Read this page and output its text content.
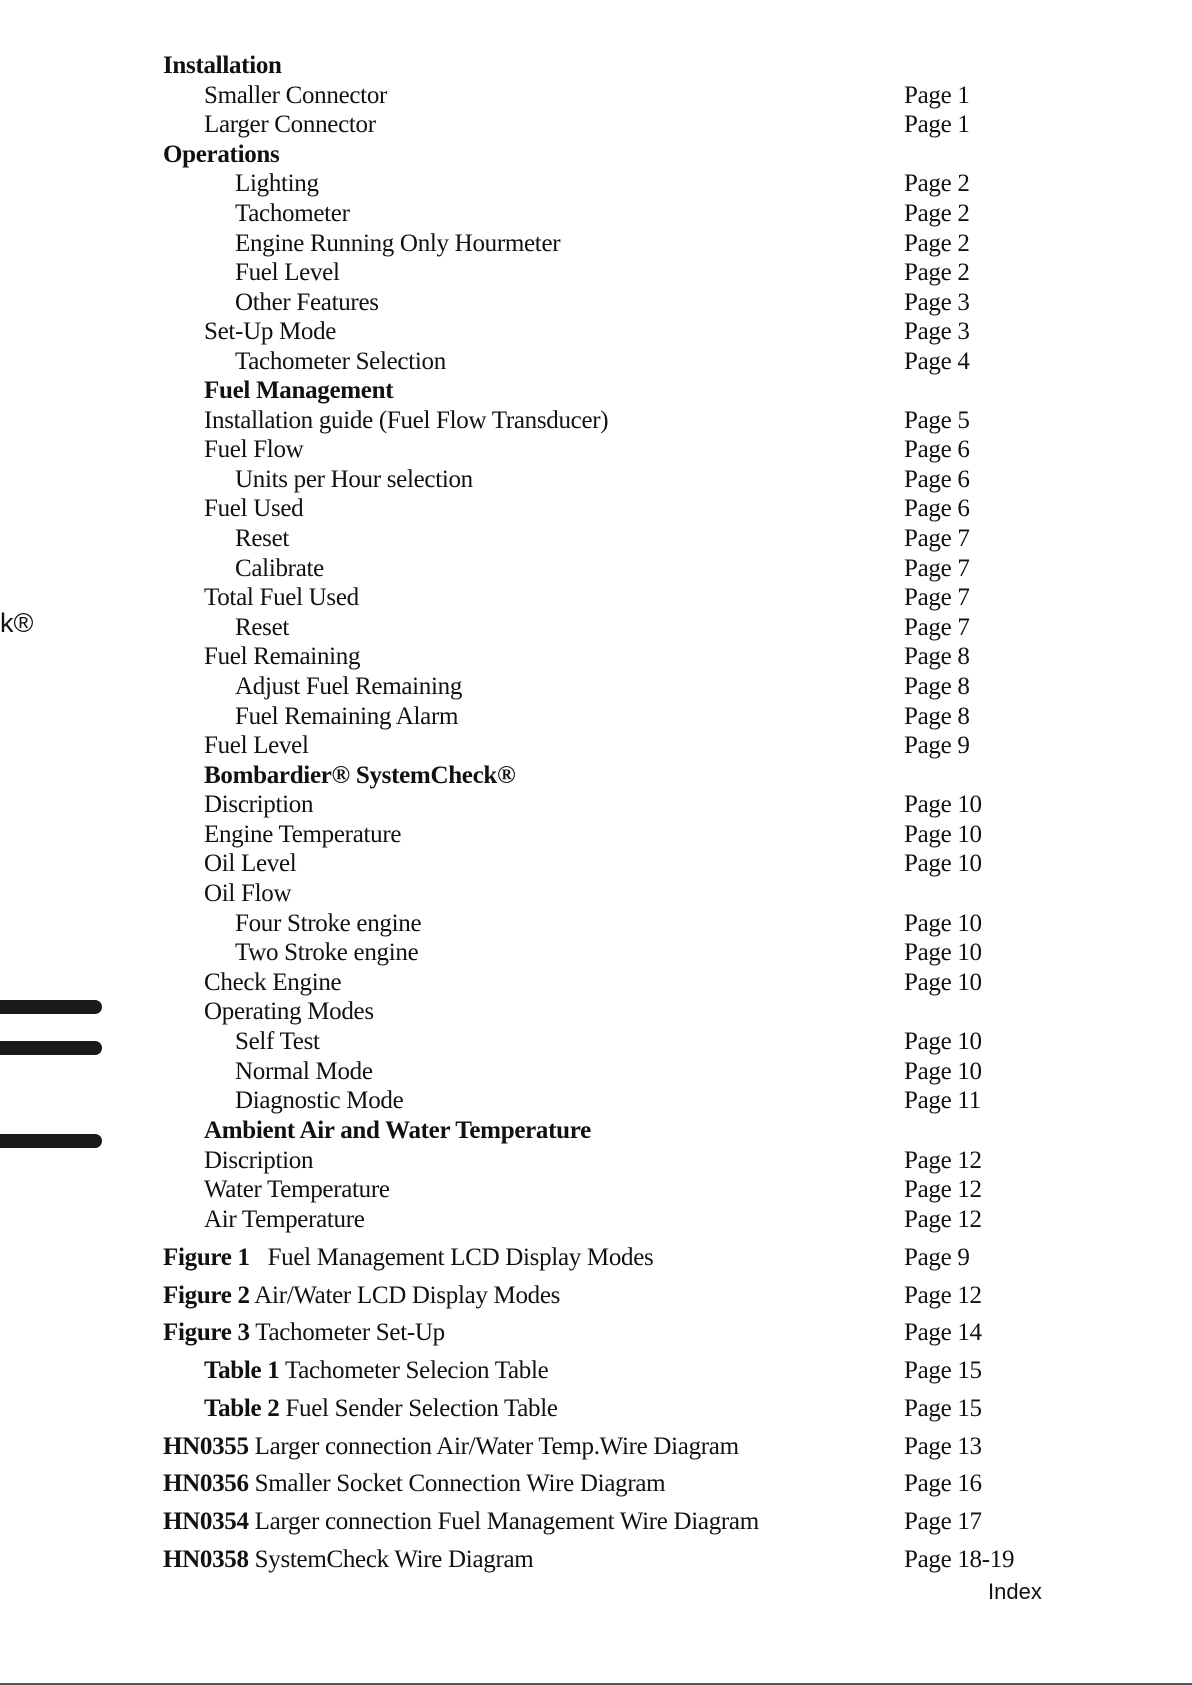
k®
Installation
Smaller Connector	Page 1
Larger Connector	Page 1
Operations
Lighting	Page 2
Tachometer	Page 2
Engine Running Only Hourmeter	Page 2
Fuel Level	Page 2
Other Features	Page 3
Set-Up Mode	Page 3
Tachometer Selection	Page 4
Fuel Management
Installation guide (Fuel Flow Transducer)	Page 5
Fuel Flow	Page 6
Units per Hour selection	Page 6
Fuel Used	Page 6
Reset	Page 7
Calibrate	Page 7
Total Fuel Used	Page 7
Reset	Page 7
Fuel Remaining	Page 8
Adjust Fuel Remaining	Page 8
Fuel Remaining Alarm	Page 8
Fuel Level	Page 9
Bombardier® SystemCheck®
Discription	Page 10
Engine Temperature	Page 10
Oil Level	Page 10
Oil Flow
Four Stroke engine	Page 10
Two Stroke engine	Page 10
Check Engine	Page 10
Operating Modes
Self Test	Page 10
Normal Mode	Page 10
Diagnostic Mode	Page 11
Ambient Air and Water Temperature
Discription	Page 12
Water Temperature	Page 12
Air Temperature	Page 12
Figure 1 Fuel Management LCD Display Modes	Page 9
Figure 2 Air/Water LCD Display Modes	Page 12
Figure 3 Tachometer Set-Up	Page 14
Table 1 Tachometer Selecion Table	Page 15
Table 2 Fuel Sender Selection Table	Page 15
HN0355 Larger connection Air/Water Temp.Wire Diagram	Page 13
HN0356 Smaller Socket Connection Wire Diagram	Page 16
HN0354 Larger connection Fuel Management Wire Diagram	Page 17
HN0358 SystemCheck Wire Diagram	Page 18-19
Index
